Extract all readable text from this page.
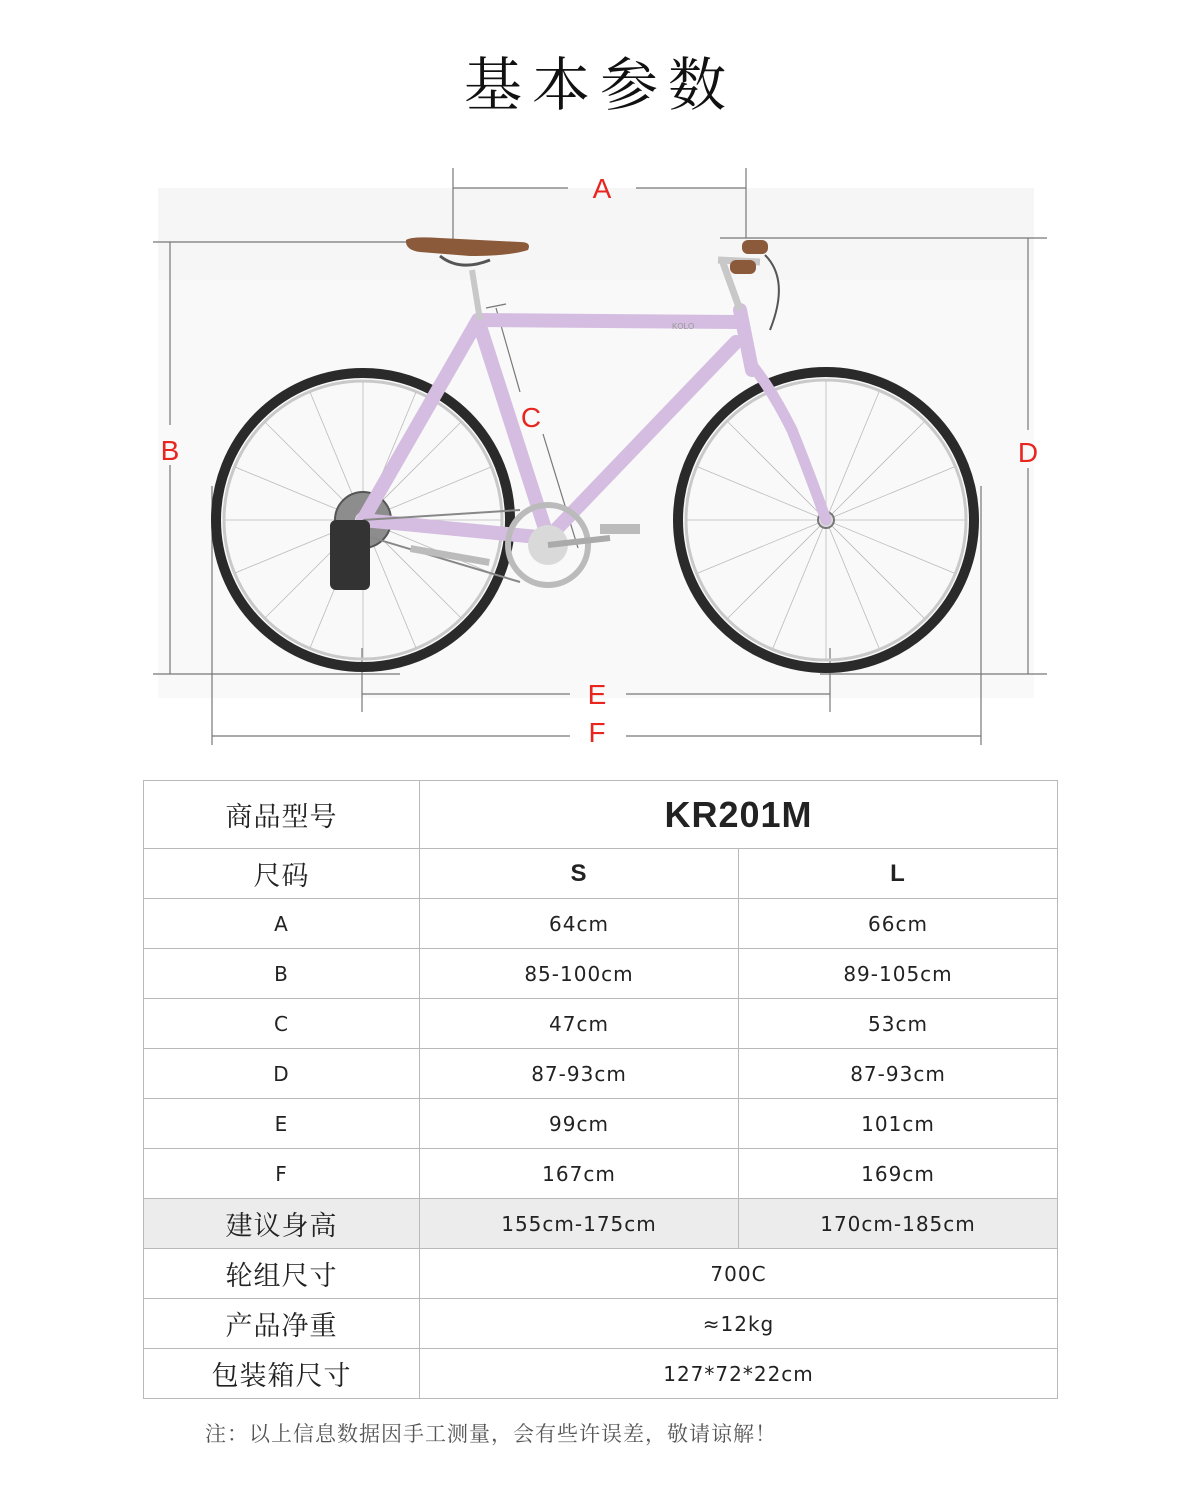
基本参数
KOLO
A
B
C
D
E
F
商品型号	KR201M	
尺码	S	L
A	64cm	66cm
B	85-100cm	89-105cm
C	47cm	53cm
D	87-93cm	87-93cm
E	99cm	101cm
F	167cm	169cm
建议身高	155cm-175cm	170cm-185cm
轮组尺寸	700C	
产品净重	≈12kg	
包装箱尺寸	127*72*22cm	
注：以上信息数据因手工测量，会有些许误差，敬请谅解！
